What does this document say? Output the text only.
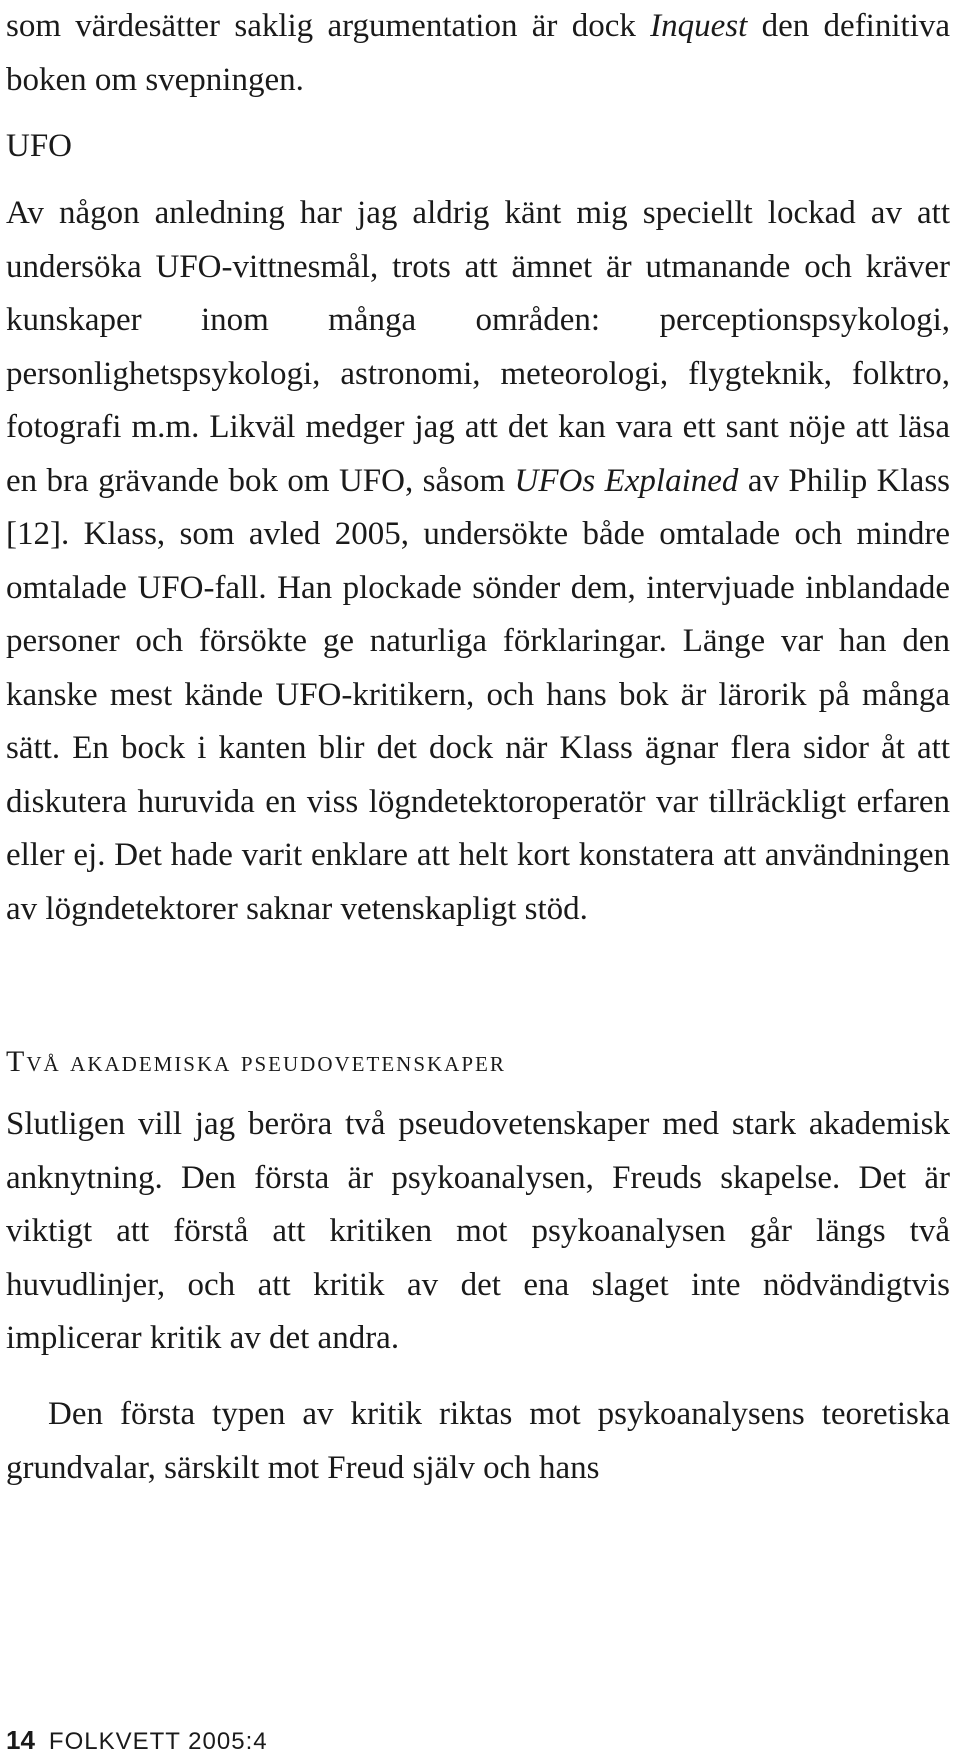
som värdesätter saklig argumentation är dock Inquest den definitiva boken om svepningen.

UFO

Av någon anledning har jag aldrig känt mig speciellt lockad av att undersöka UFO-vittnesmål, trots att ämnet är utmanande och kräver kunskaper inom många områden: perceptionspsykologi, personlighetspsykologi, astronomi, meteorologi, flygteknik, folktro, fotografi m.m. Likväl medger jag att det kan vara ett sant nöje att läsa en bra grävande bok om UFO, såsom UFOs Explained av Philip Klass [12]. Klass, som avled 2005, undersökte både omtalade och mindre omtalade UFO-fall. Han plockade sönder dem, intervjuade inblandade personer och försökte ge naturliga förklaringar. Länge var han den kanske mest kände UFO-kritikern, och hans bok är lärorik på många sätt. En bock i kanten blir det dock när Klass ägnar flera sidor åt att diskutera huruvida en viss lögndetektoroperatör var tillräckligt erfaren eller ej. Det hade varit enklare att helt kort konstatera att användningen av lögndetektorer saknar vetenskapligt stöd.

Två akademiska pseudovetenskaper

Slutligen vill jag beröra två pseudovetenskaper med stark akademisk anknytning. Den första är psykoanalysen, Freuds skapelse. Det är viktigt att förstå att kritiken mot psykoanalysen går längs två huvudlinjer, och att kritik av det ena slaget inte nödvändigtvis implicerar kritik av det andra.

Den första typen av kritik riktas mot psykoanalysens teoretiska grundvalar, särskilt mot Freud själv och hans

14 FOLKVETT 2005:4
